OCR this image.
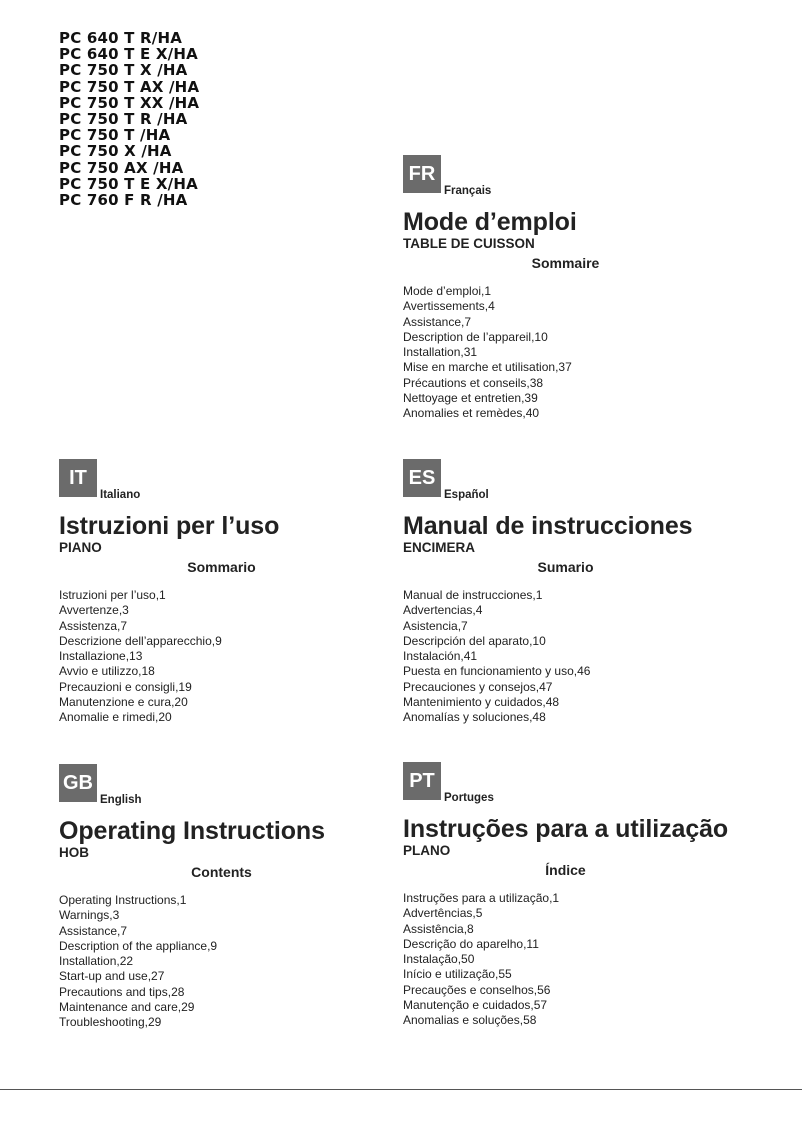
PC 640 T R/HA
PC 640 T E X/HA
PC 750 T X /HA
PC 750 T AX /HA
PC 750 T XX /HA
PC 750 T R /HA
PC 750 T /HA
PC 750 X /HA
PC 750 AX /HA
PC 750 T E X/HA
PC 760 F R /HA
FR
Français
Mode d’emploi
TABLE DE CUISSON
Sommaire
Mode d’emploi,1
Avertissements,4
Assistance,7
Description de l’appareil,10
Installation,31
Mise en marche et utilisation,37
Précautions et conseils,38
Nettoyage et entretien,39
Anomalies et remèdes,40
IT
Italiano
Istruzioni per l’uso
PIANO
Sommario
Istruzioni per l’uso,1
Avvertenze,3
Assistenza,7
Descrizione dell’apparecchio,9
Installazione,13
Avvio e utilizzo,18
Precauzioni e consigli,19
Manutenzione e cura,20
Anomalie e rimedi,20
ES
Español
Manual de instrucciones
ENCIMERA
Sumario
Manual de instrucciones,1
Advertencias,4
Asistencia,7
Descripción del aparato,10
Instalación,41
Puesta en funcionamiento y uso,46
Precauciones y consejos,47
Mantenimiento y cuidados,48
Anomalías y soluciones,48
GB
English
Operating Instructions
HOB
Contents
Operating Instructions,1
Warnings,3
Assistance,7
Description of the appliance,9
Installation,22
Start-up and use,27
Precautions and tips,28
Maintenance and care,29
Troubleshooting,29
PT
Portuges
Instruções para a utilização
PLANO
Índice
Instruções para a utilização,1
Advertências,5
Assistência,8
Descrição do aparelho,11
Instalação,50
Início e utilização,55
Precauções e conselhos,56
Manutenção e cuidados,57
Anomalias e soluções,58
